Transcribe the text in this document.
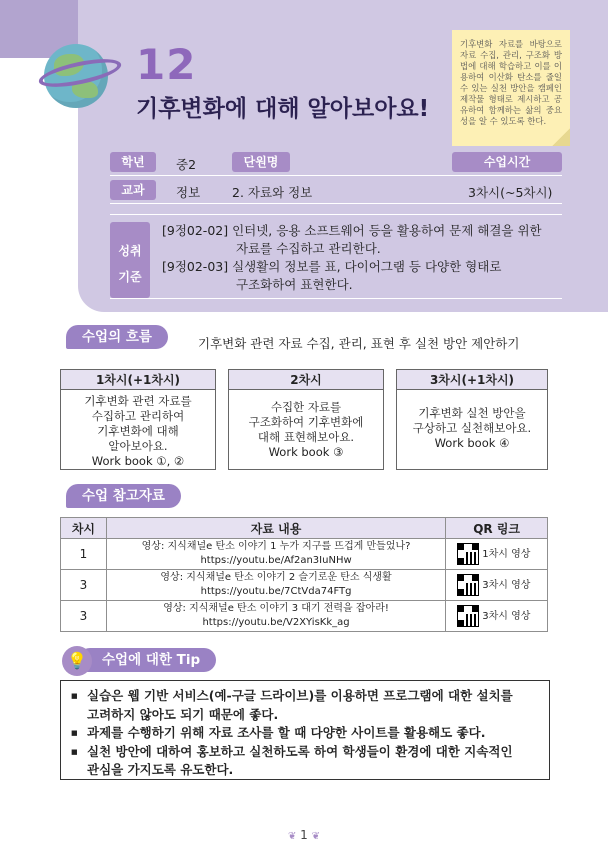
12
기후변화에 대해 알아보아요!
기후변화 자료를 바탕으로 자료 수집, 관리, 구조화 방법에 대해 학습하고 이를 이용하여 이산화 탄소를 줄일 수 있는 실천 방안을 캠페인 제작물 형태로 제시하고 공유하여 함께하는 삶의 중요성을 알 수 있도록 한다.
학년	중2	단원명	수업시간
교과	정보	2. 자료와 정보	3차시(~5차시)
성취
기준
[9정02-02] 인터넷, 응용 소프트웨어 등을 활용하여 문제 해결을 위한
자료를 수집하고 관리한다.
[9정02-03] 실생활의 정보를 표, 다이어그램 등 다양한 형태로
구조화하여 표현한다.
수업의 흐름	기후변화 관련 자료 수집, 관리, 표현 후 실천 방안 제안하기
1차시(+1차시)
기후변화 관련 자료를
수집하고 관리하여
기후변화에 대해
알아보아요.
Work book ①, ②
2차시
수집한 자료를
구조화하여 기후변화에
대해 표현해보아요.
Work book ③
3차시(+1차시)
기후변화 실천 방안을
구상하고 실천해보아요.
Work book ④
수업 참고자료
차시	자료 내용	QR 링크
1	영상: 지식채널e 탄소 이야기 1 누가 지구를 뜨겁게 만들었나?
https://youtu.be/Af2an3IuNHw	1차시 영상
3	영상: 지식채널e 탄소 이야기 2 슬기로운 탄소 식생활
https://youtu.be/7CtVda74FTg	3차시 영상
3	영상: 지식채널e 탄소 이야기 3 대기 전력을 잡아라!
https://youtu.be/V2XYisKk_ag	3차시 영상
수업에 대한 Tip
💡
■ 실습은 웹 기반 서비스(예-구글 드라이브)를 이용하면 프로그램에 대한 설치를
고려하지 않아도 되기 때문에 좋다.
■ 과제를 수행하기 위해 자료 조사를 할 때 다양한 사이트를 활용해도 좋다.
■ 실천 방안에 대하여 홍보하고 실천하도록 하여 학생들이 환경에 대한 지속적인
관심을 가지도록 유도한다.
❦ 1 ❦
